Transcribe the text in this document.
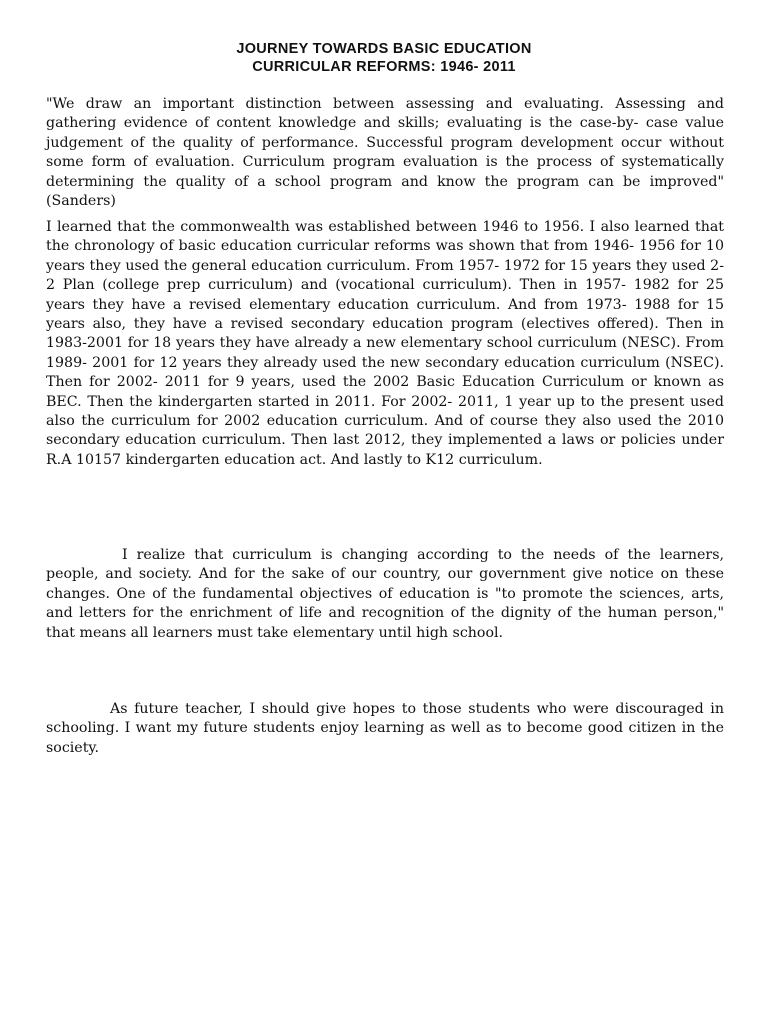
JOURNEY TOWARDS BASIC EDUCATION
CURRICULAR REFORMS: 1946- 2011

"We draw an important distinction between assessing and evaluating. Assessing and gathering evidence of content knowledge and skills; evaluating is the case-by- case value judgement of the quality of performance. Successful program development occur without some form of evaluation. Curriculum program evaluation is the process of systematically determining the quality of a school program and know the program can be improved"(Sanders)

I learned that the commonwealth was established between 1946 to 1956. I also learned that the chronology of basic education curricular reforms was shown that from 1946- 1956 for 10 years they used the general education curriculum. From 1957- 1972 for 15 years they used 2-2 Plan (college prep curriculum) and (vocational curriculum). Then in 1957- 1982 for 25 years they have a revised elementary education curriculum. And from 1973- 1988 for 15 years also, they have a revised secondary education program (electives offered). Then in 1983-2001 for 18 years they have already a new elementary school curriculum (NESC). From 1989- 2001 for 12 years they already used the new secondary education curriculum (NSEC). Then for 2002- 2011 for 9 years, used the 2002 Basic Education Curriculum or known as BEC. Then the kindergarten started in 2011. For 2002- 2011, 1 year up to the present used also the curriculum for 2002 education curriculum. And of course they also used the 2010 secondary education curriculum. Then last 2012, they implemented a laws or policies under R.A 10157 kindergarten education act. And lastly to K12 curriculum.

I realize that curriculum is changing according to the needs of the learners, people, and society. And for the sake of our country, our government give notice on these changes. One of the fundamental objectives of education is "to promote the sciences, arts, and letters for the enrichment of life and recognition of the dignity of the human person," that means all learners must take elementary until high school.

As future teacher, I should give hopes to those students who were discouraged in schooling. I want my future students enjoy learning as well as to become good citizen in the society.
